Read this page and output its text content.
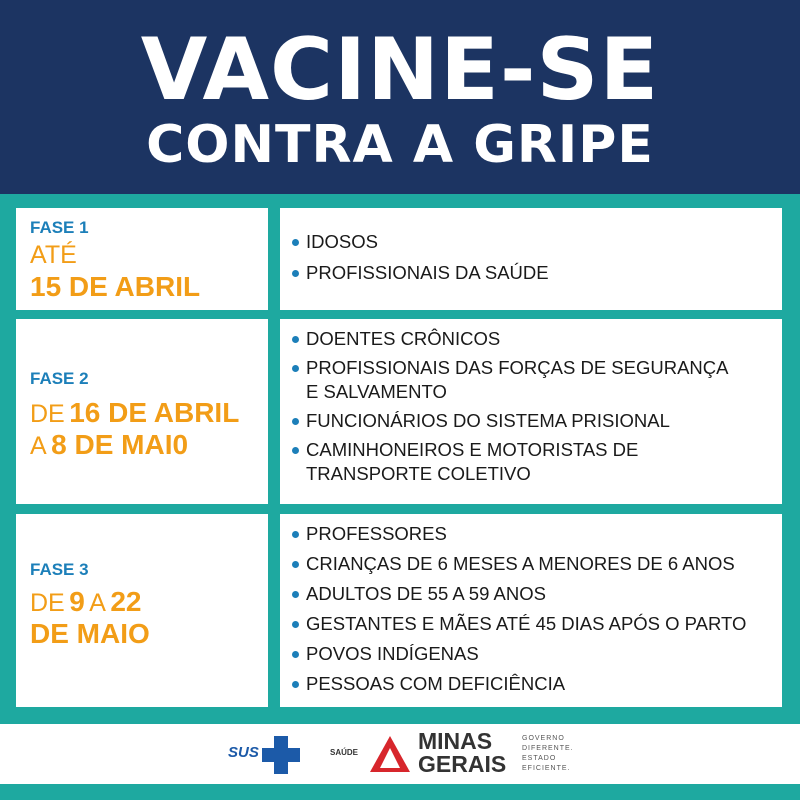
VACINE-SE
CONTRA A GRIPE
FASE 1
ATÉ
15 DE ABRIL
IDOSOS
PROFISSIONAIS DA SAÚDE
FASE 2
DE 16 DE ABRIL
A 8 DE MAI0
DOENTES CRÔNICOS
PROFISSIONAIS DAS FORÇAS DE SEGURANÇA
E SALVAMENTO
FUNCIONÁRIOS DO SISTEMA PRISIONAL
CAMINHONEIROS E MOTORISTAS DE
TRANSPORTE COLETIVO
FASE 3
DE 9 A 22
DE MAIO
PROFESSORES
CRIANÇAS DE 6 MESES A MENORES DE 6 ANOS
ADULTOS DE 55 A 59 ANOS
GESTANTES E MÃES ATÉ 45 DIAS APÓS O PARTO
POVOS INDÍGENAS
PESSOAS COM DEFICIÊNCIA
SUS	SAÚDE	MINAS
GERAIS
GOVERNO
DIFERENTE.
ESTADO
EFICIENTE.
